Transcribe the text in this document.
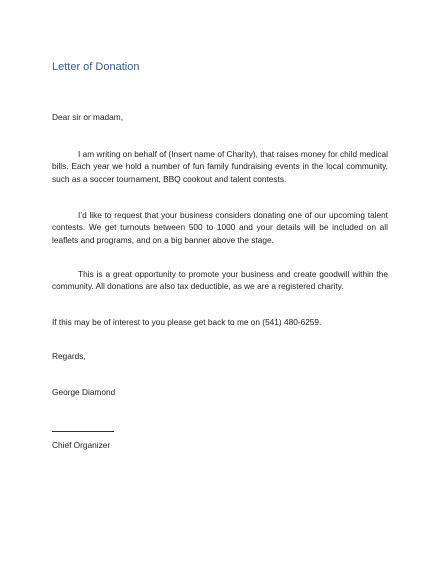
Letter of Donation

Dear sir or madam,

I am writing on behalf of (Insert name of Charity), that raises money for child medical bills. Each year we hold a number of fun family fundraising events in the local community, such as a soccer tournament, BBQ cookout and talent contests.

I’d like to request that your business considers donating one of our upcoming talent contests. We get turnouts between 500 to 1000 and your details will be included on all leaflets and programs, and on a big banner above the stage.

This is a great opportunity to promote your business and create goodwill within the community. All donations are also tax deductible, as we are a registered charity.

If this may be of interest to you please get back to me on (541) 480-6259.

Regards,

George Diamond

Chief Organizer
